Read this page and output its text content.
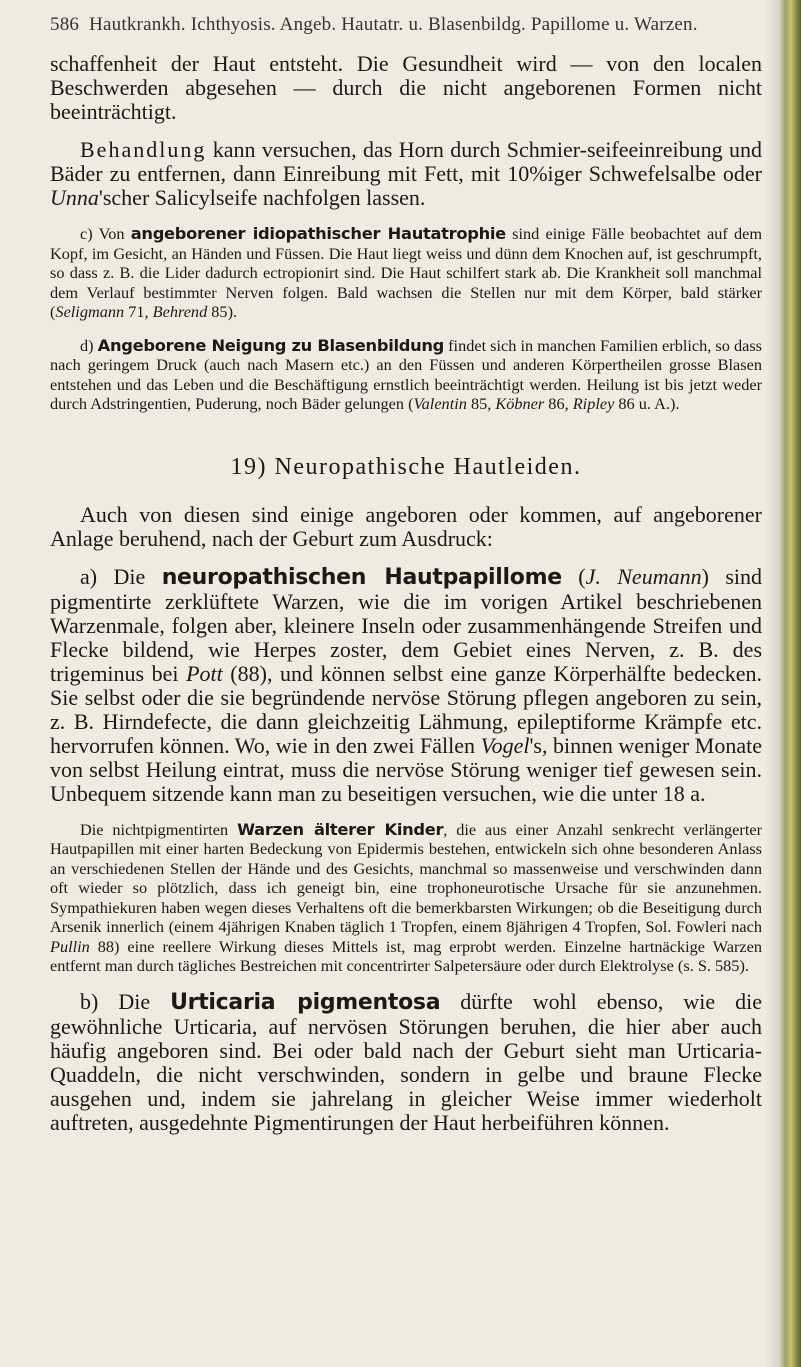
586 Hautkrankh. Ichthyosis. Angeb. Hautatr. u. Blasenbildg. Papillome u. Warzen.

schaffenheit der Haut entsteht. Die Gesundheit wird — von den localen Beschwerden abgesehen — durch die nicht angeborenen Formen nicht beeinträchtigt.

Behandlung kann versuchen, das Horn durch Schmier-seifeeinreibung und Bäder zu entfernen, dann Einreibung mit Fett, mit 10%iger Schwefelsalbe oder Unna'scher Salicylseife nachfolgen lassen.

c) Von angeborener idiopathischer Hautatrophie sind einige Fälle beobachtet auf dem Kopf, im Gesicht, an Händen und Füssen. Die Haut liegt weiss und dünn dem Knochen auf, ist geschrumpft, so dass z. B. die Lider dadurch ectropionirt sind. Die Haut schilfert stark ab. Die Krankheit soll manchmal dem Verlauf bestimmter Nerven folgen. Bald wachsen die Stellen nur mit dem Körper, bald stärker (Seligmann 71, Behrend 85).

d) Angeborene Neigung zu Blasenbildung findet sich in manchen Familien erblich, so dass nach geringem Druck (auch nach Masern etc.) an den Füssen und anderen Körpertheilen grosse Blasen entstehen und das Leben und die Beschäftigung ernstlich beeinträchtigt werden. Heilung ist bis jetzt weder durch Adstringentien, Puderung, noch Bäder gelungen (Valentin 85, Köbner 86, Ripley 86 u. A.).

19) Neuropathische Hautleiden.

Auch von diesen sind einige angeboren oder kommen, auf angeborener Anlage beruhend, nach der Geburt zum Ausdruck:

a) Die neuropathischen Hautpapillome (J. Neumann) sind pigmentirte zerklüftete Warzen, wie die im vorigen Artikel beschriebenen Warzenmale, folgen aber, kleinere Inseln oder zusammenhängende Streifen und Flecke bildend, wie Herpes zoster, dem Gebiet eines Nerven, z. B. des trigeminus bei Pott (88), und können selbst eine ganze Körperhälfte bedecken. Sie selbst oder die sie begründende nervöse Störung pflegen angeboren zu sein, z. B. Hirndefecte, die dann gleichzeitig Lähmung, epileptiforme Krämpfe etc. hervorrufen können. Wo, wie in den zwei Fällen Vogel's, binnen weniger Monate von selbst Heilung eintrat, muss die nervöse Störung weniger tief gewesen sein. Unbequem sitzende kann man zu beseitigen versuchen, wie die unter 18 a.

Die nichtpigmentirten Warzen älterer Kinder, die aus einer Anzahl senkrecht verlängerter Hautpapillen mit einer harten Bedeckung von Epidermis bestehen, entwickeln sich ohne besonderen Anlass an verschiedenen Stellen der Hände und des Gesichts, manchmal so massenweise und verschwinden dann oft wieder so plötzlich, dass ich geneigt bin, eine trophoneurotische Ursache für sie anzunehmen. Sympathiekuren haben wegen dieses Verhaltens oft die bemerkbarsten Wirkungen; ob die Beseitigung durch Arsenik innerlich (einem 4jährigen Knaben täglich 1 Tropfen, einem 8jährigen 4 Tropfen, Sol. Fowleri nach Pullin 88) eine reellere Wirkung dieses Mittels ist, mag erprobt werden. Einzelne hartnäckige Warzen entfernt man durch tägliches Bestreichen mit concentrirter Salpetersäure oder durch Elektrolyse (s. S. 585).

b) Die Urticaria pigmentosa dürfte wohl ebenso, wie die gewöhnliche Urticaria, auf nervösen Störungen beruhen, die hier aber auch häufig angeboren sind. Bei oder bald nach der Geburt sieht man Urticaria-Quaddeln, die nicht verschwinden, sondern in gelbe und braune Flecke ausgehen und, indem sie jahrelang in gleicher Weise immer wiederholt auftreten, ausgedehnte Pigmentirungen der Haut herbeiführen können.
